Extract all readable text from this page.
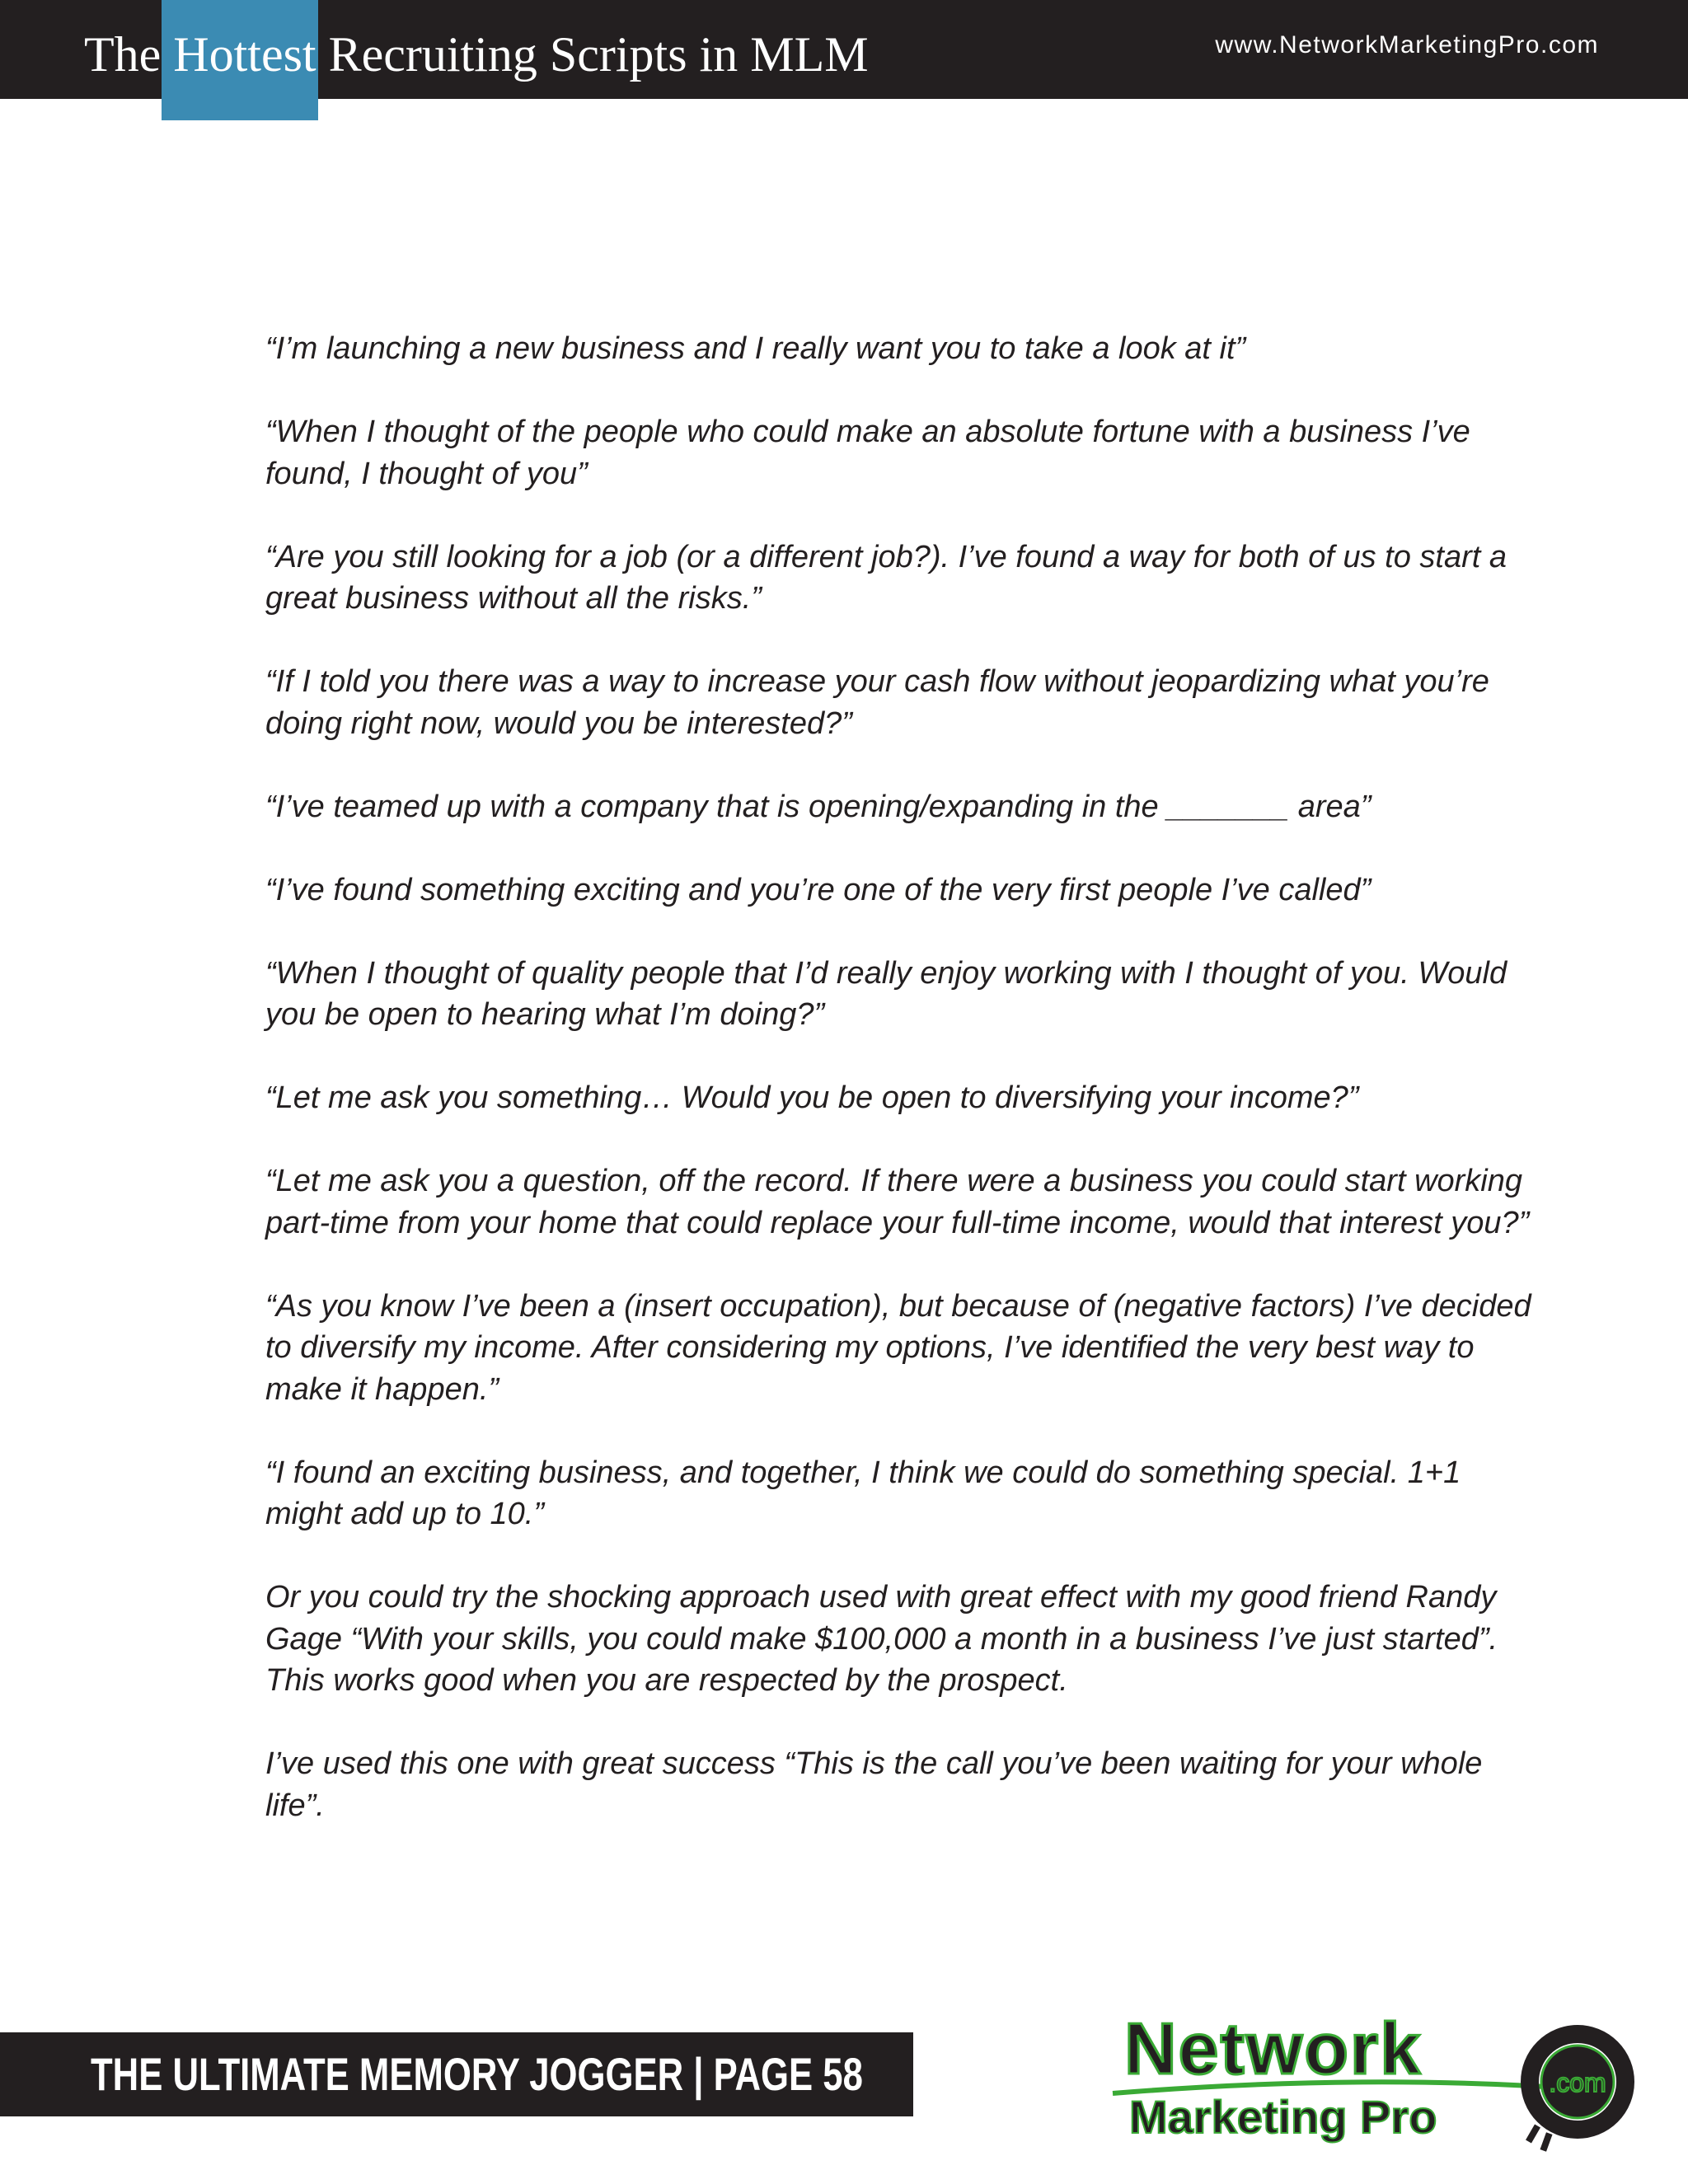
The Hottest Recruiting Scripts in MLM	www.NetworkMarketingPro.com

“I’m launching a new business and I really want you to take a look at it”

“When I thought of the people who could make an absolute fortune with a business I’ve found, I thought of you”

“Are you still looking for a job (or a different job?). I’ve found a way for both of us to start a great business without all the risks.”

“If I told you there was a way to increase your cash flow without jeopardizing what you’re doing right now, would you be interested?”

“I’ve teamed up with a company that is opening/expanding in the _______ area”

“I’ve found something exciting and you’re one of the very first people I’ve called”

“When I thought of quality people that I’d really enjoy working with I thought of you. Would you be open to hearing what I’m doing?”

“Let me ask you something… Would you be open to diversifying your income?”

“Let me ask you a question, off the record. If there were a business you could start working part-time from your home that could replace your full-time income, would that interest you?”

“As you know I’ve been a (insert occupation), but because of (negative factors) I’ve decided to diversify my income. After considering my options, I’ve identified the very best way to make it happen.”

“I found an exciting business, and together, I think we could do something special. 1+1 might add up to 10.”

Or you could try the shocking approach used with great effect with my good friend Randy Gage “With your skills, you could make $100,000 a month in a business I’ve just started”. This works good when you are respected by the prospect.

I’ve used this one with great success “This is the call you’ve been waiting for your whole life”.

THE ULTIMATE MEMORY JOGGER | PAGE 58	Network
Marketing Pro
.com
